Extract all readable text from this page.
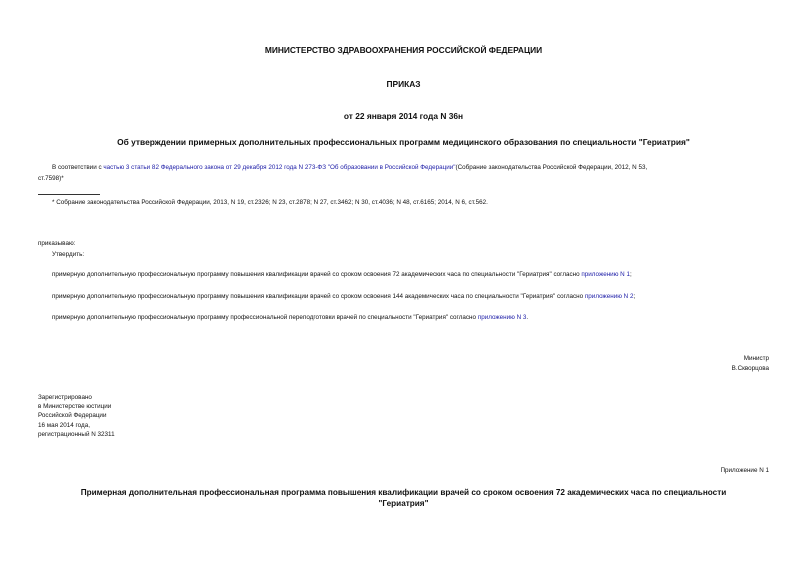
МИНИСТЕРСТВО ЗДРАВООХРАНЕНИЯ РОССИЙСКОЙ ФЕДЕРАЦИИ
ПРИКАЗ
от 22 января 2014 года N 36н
Об утверждении примерных дополнительных профессиональных программ медицинского образования по специальности "Гериатрия"
В соответствии с частью 3 статьи 82 Федерального закона от 29 декабря 2012 года N 273-ФЗ "Об образовании в Российской Федерации"(Собрание законодательства Российской Федерации, 2012, N 53,
ст.7598)*
* Собрание законодательства Российской Федерации, 2013, N 19, ст.2326; N 23, ст.2878; N 27, ст.3462; N 30, ст.4036; N 48, ст.6165; 2014, N 6, ст.562.
приказываю:
Утвердить:
примерную дополнительную профессиональную программу повышения квалификации врачей со сроком освоения 72 академических часа по специальности "Гериатрия" согласно приложению N 1;
примерную дополнительную профессиональную программу повышения квалификации врачей со сроком освоения 144 академических часа по специальности "Гериатрия" согласно приложению N 2;
примерную дополнительную профессиональную программу профессиональной переподготовки врачей по специальности "Гериатрия" согласно приложению N 3.
Министр
В.Скворцова
Зарегистрировано
в Министерстве юстиции
Российской Федерации
16 мая 2014 года,
регистрационный N 32311
Приложение N 1
Примерная дополнительная профессиональная программа повышения квалификации врачей со сроком освоения 72 академических часа по специальности
"Гериатрия"
